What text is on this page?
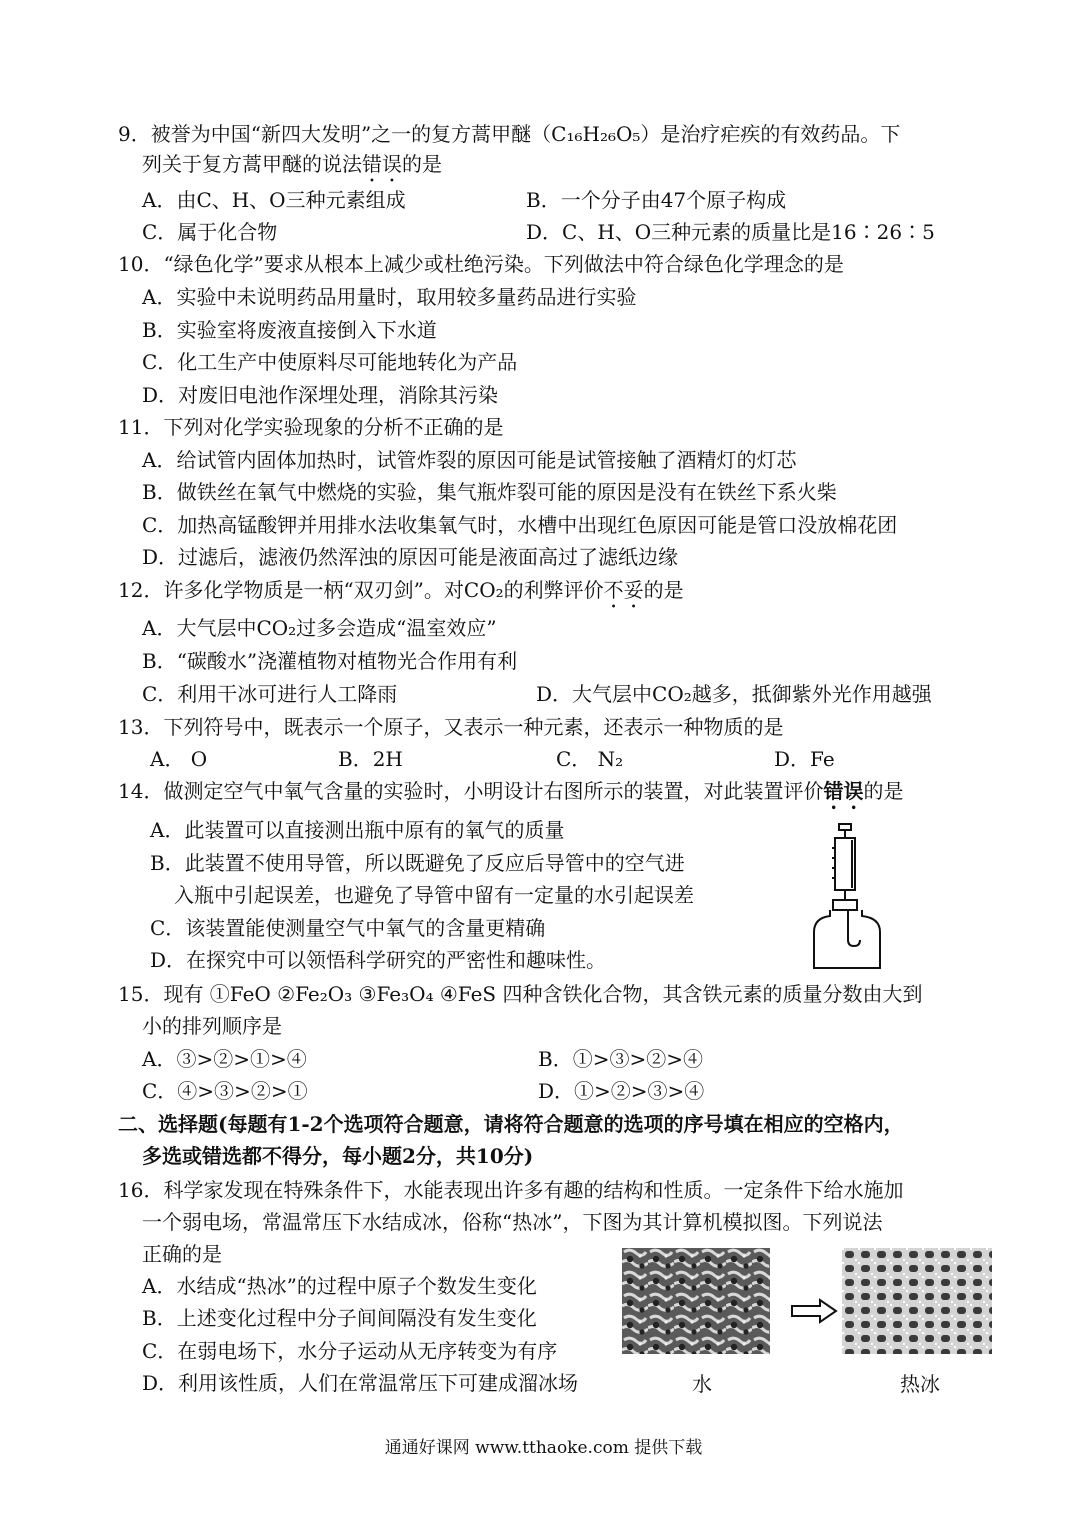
9．被誉为中国“新四大发明”之一的复方蒿甲醚（C₁₆H₂₆O₅）是治疗疟疾的有效药品。下
列关于复方蒿甲醚的说法错误的是
A．由C、H、O三种元素组成	B．一个分子由47个原子构成
C．属于化合物	D．C、H、O三种元素的质量比是16∶26∶5
10．“绿色化学”要求从根本上减少或杜绝污染。下列做法中符合绿色化学理念的是
A．实验中未说明药品用量时，取用较多量药品进行实验
B．实验室将废液直接倒入下水道
C．化工生产中使原料尽可能地转化为产品
D．对废旧电池作深埋处理，消除其污染
11．下列对化学实验现象的分析不正确的是
A．给试管内固体加热时，试管炸裂的原因可能是试管接触了酒精灯的灯芯
B．做铁丝在氧气中燃烧的实验，集气瓶炸裂可能的原因是没有在铁丝下系火柴
C．加热高锰酸钾并用排水法收集氧气时，水槽中出现红色原因可能是管口没放棉花团
D．过滤后，滤液仍然浑浊的原因可能是液面高过了滤纸边缘
12．许多化学物质是一柄“双刃剑”。对CO₂的利弊评价不妥的是
A．大气层中CO₂过多会造成“温室效应”
B．“碳酸水”浇灌植物对植物光合作用有利
C．利用干冰可进行人工降雨	D．大气层中CO₂越多，抵御紫外光作用越强
13．下列符号中，既表示一个原子，又表示一种元素，还表示一种物质的是
A． O	B．2H	C． N₂	D．Fe
14．做测定空气中氧气含量的实验时，小明设计右图所示的装置，对此装置评价错误的是
A．此装置可以直接测出瓶中原有的氧气的质量
B．此装置不使用导管，所以既避免了反应后导管中的空气进
入瓶中引起误差，也避免了导管中留有一定量的水引起误差
C．该装置能使测量空气中氧气的含量更精确
D．在探究中可以领悟科学研究的严密性和趣味性。
15．现有 ①FeO ②Fe₂O₃ ③Fe₃O₄ ④FeS 四种含铁化合物，其含铁元素的质量分数由大到
小的排列顺序是
A．③>②>①>④	B．①>③>②>④
C．④>③>②>①	D．①>②>③>④
二、选择题(每题有1-2个选项符合题意，请将符合题意的选项的序号填在相应的空格内，
多选或错选都不得分，每小题2分，共10分)
16．科学家发现在特殊条件下，水能表现出许多有趣的结构和性质。一定条件下给水施加
一个弱电场，常温常压下水结成冰，俗称“热冰”，下图为其计算机模拟图。下列说法
正确的是
A．水结成“热冰”的过程中原子个数发生变化
B．上述变化过程中分子间间隔没有发生变化
C．在弱电场下，水分子运动从无序转变为有序
D．利用该性质，人们在常温常压下可建成溜冰场	水	热冰
通通好课网 www.tthaoke.com 提供下载
